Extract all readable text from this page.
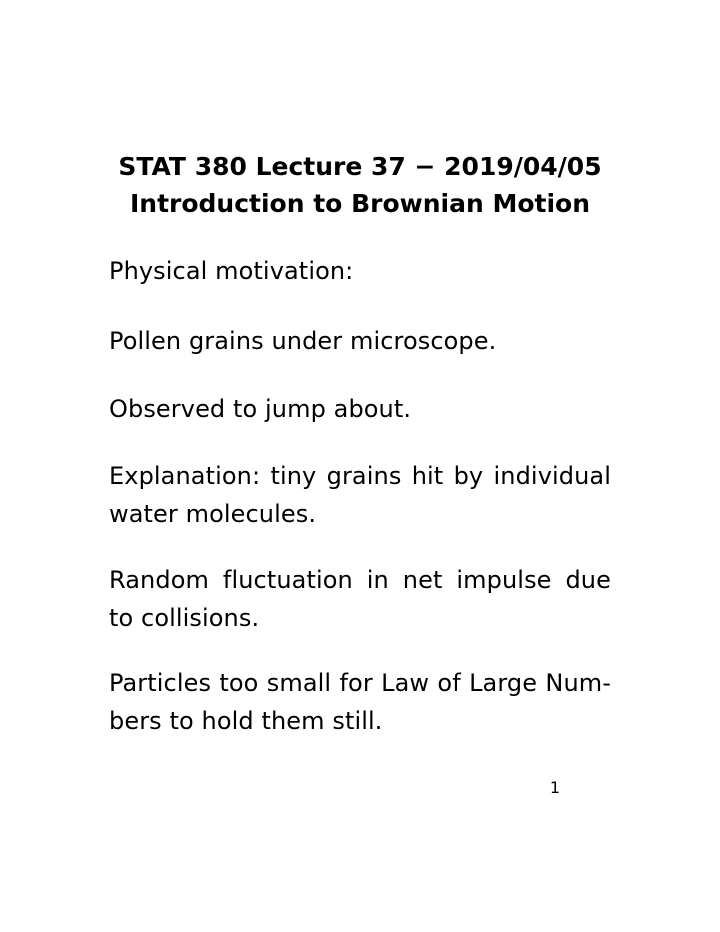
STAT 380 Lecture 37 − 2019/04/05
Introduction to Brownian Motion
Physical motivation:
Pollen grains under microscope.
Observed to jump about.
Explanation: tiny grains hit by individual water molecules.
Random fluctuation in net impulse due to collisions.
Particles too small for Law of Large Num- bers to hold them still.
1
